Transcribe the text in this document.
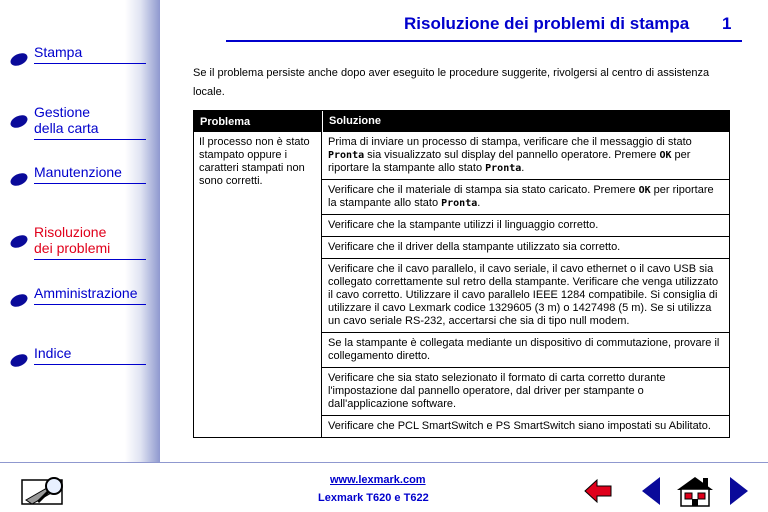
Stampa
Gestione
della carta
Manutenzione
Risoluzione
dei problemi
Amministrazione
Indice
Risoluzione dei problemi di stampa 1
Se il problema persiste anche dopo aver eseguito le procedure suggerite, rivolgersi al centro di assistenza locale.
Problema	Soluzione
Il processo non è stato stampato oppure i caratteri stampati non sono corretti.
Prima di inviare un processo di stampa, verificare che il messaggio di stato Pronta sia visualizzato sul display del pannello operatore. Premere OK per riportare la stampante allo stato Pronta.
Verificare che il materiale di stampa sia stato caricato. Premere OK per riportare la stampante allo stato Pronta.
Verificare che la stampante utilizzi il linguaggio corretto.
Verificare che il driver della stampante utilizzato sia corretto.
Verificare che il cavo parallelo, il cavo seriale, il cavo ethernet o il cavo USB sia collegato correttamente sul retro della stampante. Verificare che venga utilizzato il cavo corretto. Utilizzare il cavo parallelo IEEE 1284 compatibile. Si consiglia di utilizzare il cavo Lexmark codice 1329605 (3 m) o 1427498 (5 m). Se si utilizza un cavo seriale RS-232, accertarsi che sia di tipo null modem.
Se la stampante è collegata mediante un dispositivo di commutazione, provare il collegamento diretto.
Verificare che sia stato selezionato il formato di carta corretto durante l'impostazione dal pannello operatore, dal driver per stampante o dall'applicazione software.
Verificare che PCL SmartSwitch e PS SmartSwitch siano impostati su Abilitato.
www.lexmark.com
Lexmark T620 e T622
